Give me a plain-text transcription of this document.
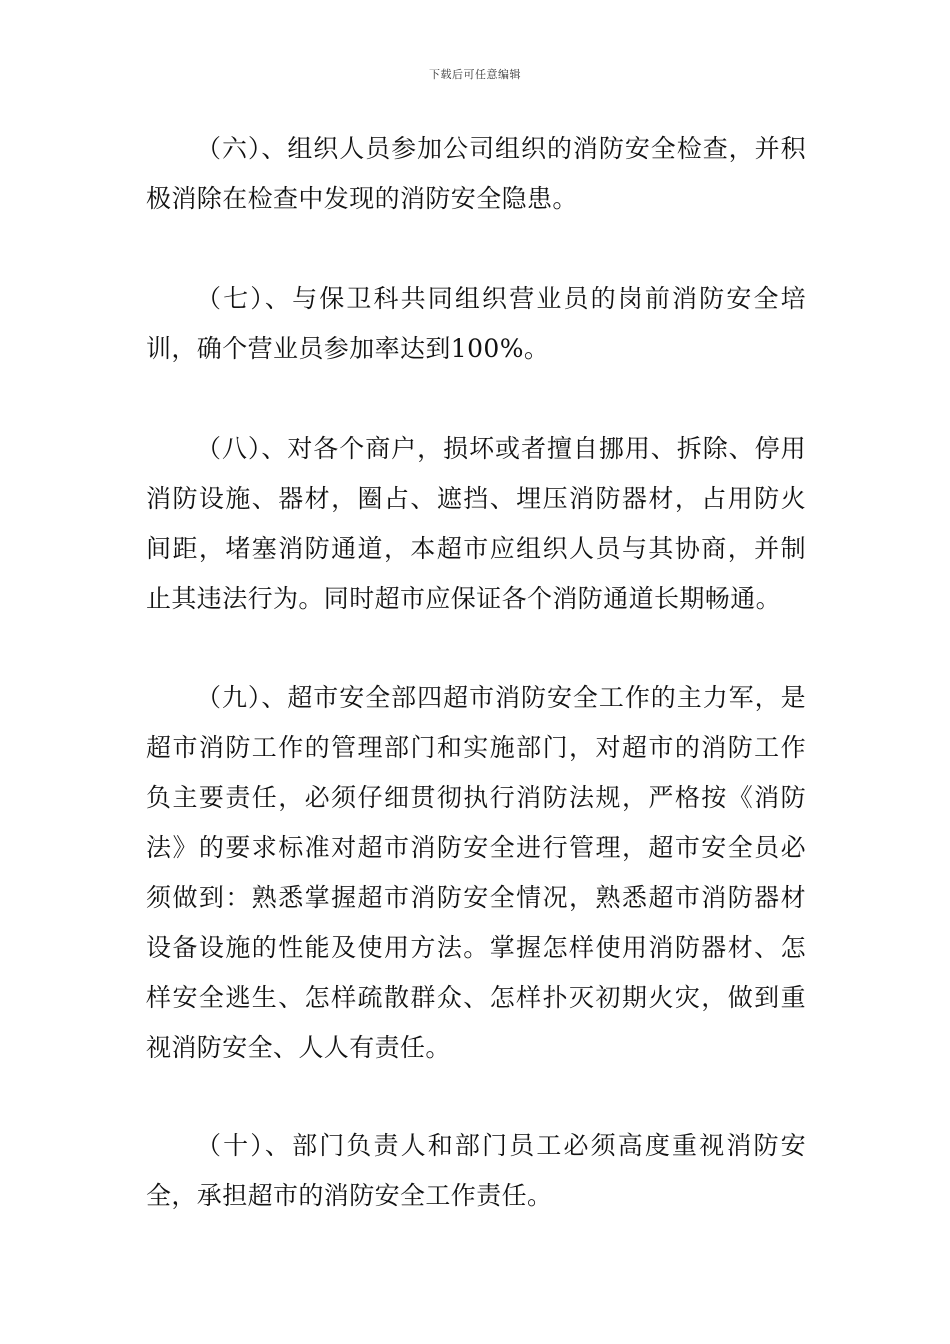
下载后可任意编辑

（六）、组织人员参加公司组织的消防安全检查，并积极消除在检查中发现的消防安全隐患。

（七）、与保卫科共同组织营业员的岗前消防安全培训，确个营业员参加率达到100%。

（八）、对各个商户，损坏或者擅自挪用、拆除、停用消防设施、器材，圈占、遮挡、埋压消防器材，占用防火间距，堵塞消防通道，本超市应组织人员与其协商，并制止其违法行为。同时超市应保证各个消防通道长期畅通。

（九）、超市安全部四超市消防安全工作的主力军，是超市消防工作的管理部门和实施部门，对超市的消防工作负主要责任，必须仔细贯彻执行消防法规，严格按《消防法》的要求标准对超市消防安全进行管理，超市安全员必须做到：熟悉掌握超市消防安全情况，熟悉超市消防器材设备设施的性能及使用方法。掌握怎样使用消防器材、怎样安全逃生、怎样疏散群众、怎样扑灭初期火灾，做到重视消防安全、人人有责任。

（十）、部门负责人和部门员工必须高度重视消防安全，承担超市的消防安全工作责任。
